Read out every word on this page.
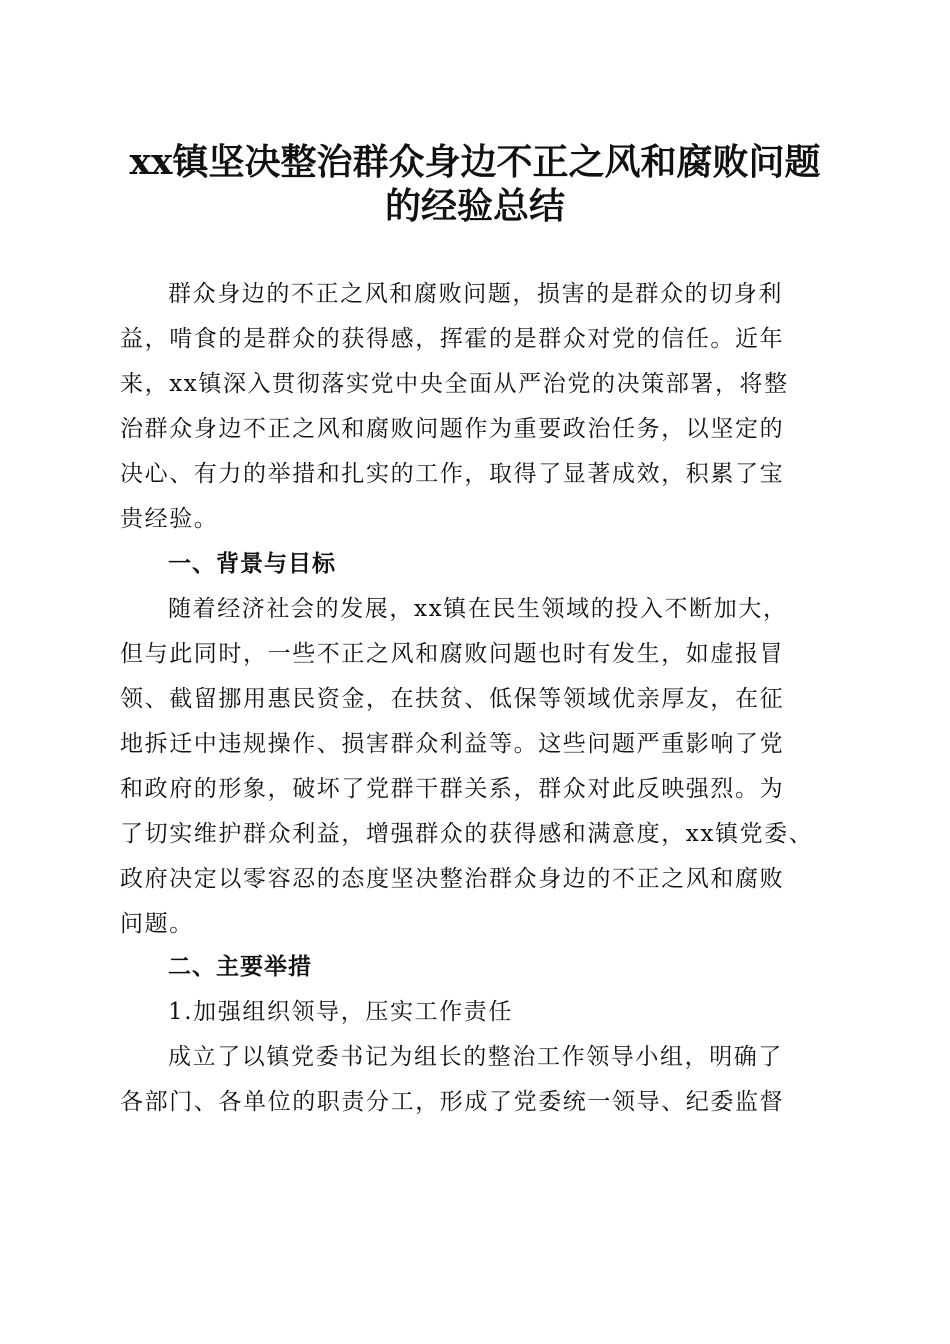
xx镇坚决整治群众身边不正之风和腐败问题
的经验总结
群众身边的不正之风和腐败问题，损害的是群众的切身利
益，啃食的是群众的获得感，挥霍的是群众对党的信任。近年
来，xx镇深入贯彻落实党中央全面从严治党的决策部署，将整
治群众身边不正之风和腐败问题作为重要政治任务，以坚定的
决心、有力的举措和扎实的工作，取得了显著成效，积累了宝
贵经验。
一、背景与目标
随着经济社会的发展，xx镇在民生领域的投入不断加大，
但与此同时，一些不正之风和腐败问题也时有发生，如虚报冒
领、截留挪用惠民资金，在扶贫、低保等领域优亲厚友，在征
地拆迁中违规操作、损害群众利益等。这些问题严重影响了党
和政府的形象，破坏了党群干群关系，群众对此反映强烈。为
了切实维护群众利益，增强群众的获得感和满意度，xx镇党委、
政府决定以零容忍的态度坚决整治群众身边的不正之风和腐败
问题。
二、主要举措
1.加强组织领导，压实工作责任
成立了以镇党委书记为组长的整治工作领导小组，明确了
各部门、各单位的职责分工，形成了党委统一领导、纪委监督
